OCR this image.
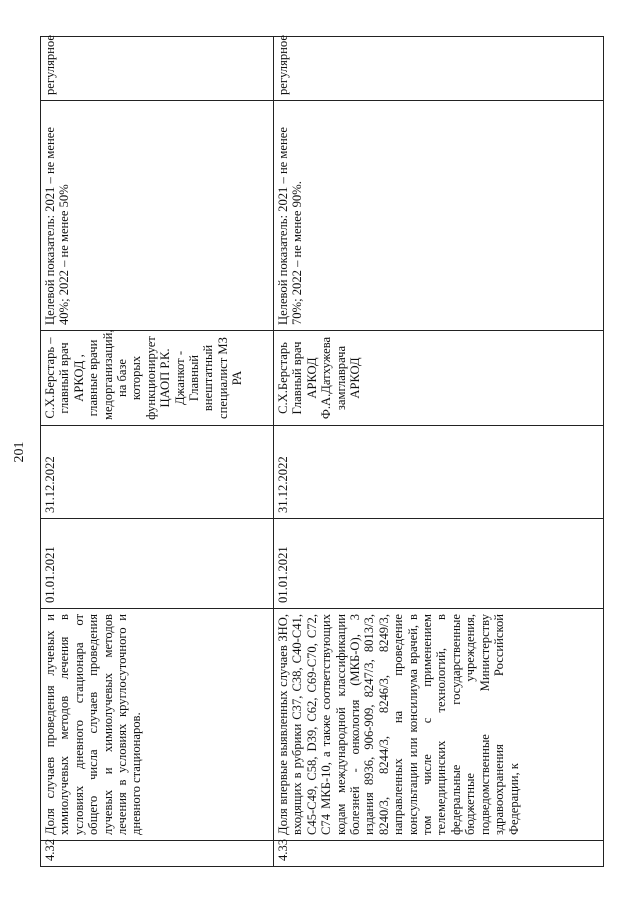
201
4.32	Доля случаев проведения лучевых и химиолучевых методов лечения в условиях дневного стационара от общего числа случаев проведения лучевых и химиолучевых методов лечения в условиях круглосуточного и дневного стационаров.	01.01.2021	31.12.2022	С.Х.Берстарь – главный врач АРКОД , главные врачи медорганизаций, на базе которых функционирует ЦАОП Р.К. Джанкот - Главный внештатный специалист МЗ РА	Целевой показатель: 2021 – не менее 40%; 2022 – не менее 50%	регулярное
4.33	Доля впервые выявленных случаев ЗНО, входящих в рубрики С37, С38, С40-С41, С45-С49, С58, D39, С62, С69-С70, С72, С74 МКБ-10, а также соответствующих кодам международной классификации болезней - онкология (МКБ-О), 3 издания 8936, 906-909, 8247/3, 8013/3, 8240/3, 8244/3, 8246/3, 8249/3, направленных на проведение консультации или консилиума врачей, в том числе с применением телемедицинских технологий, в федеральные государственные бюджетные учреждения, подведомственные Министерству здравоохранения Российской Федерации, к	01.01.2021	31.12.2022	С.Х.Берстарь Главный врач АРКОД Ф.А.Датхужева замглаврача АРКОД	Целевой показатель: 2021 – не менее 70%; 2022 – не менее 90%.	регулярное
